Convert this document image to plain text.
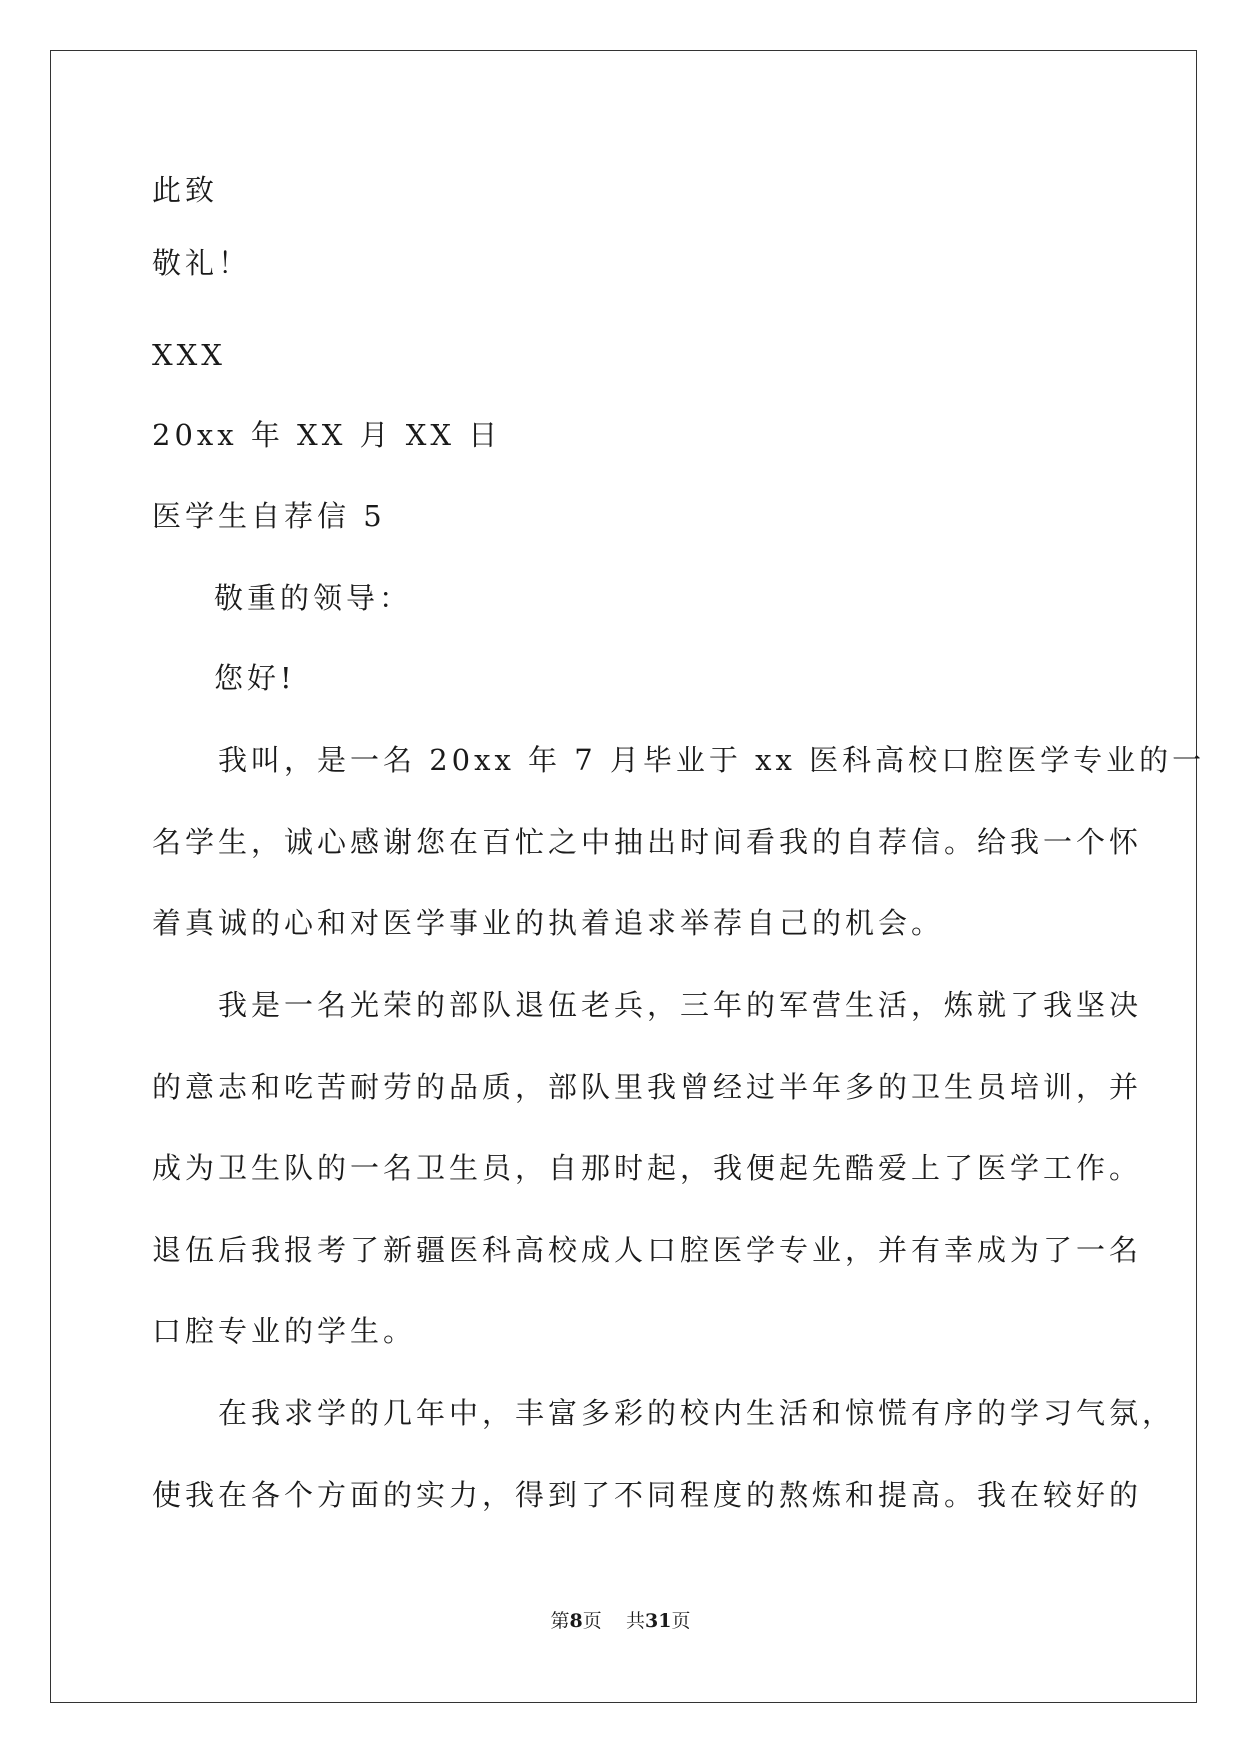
此致
敬礼！
XXX
20xx 年 XX 月 XX 日
医学生自荐信 5
敬重的领导：
您好!
　　我叫，是一名 20xx 年 7 月毕业于 xx 医科高校口腔医学专业的一
名学生，诚心感谢您在百忙之中抽出时间看我的自荐信。给我一个怀
着真诚的心和对医学事业的执着追求举荐自己的机会。
　　我是一名光荣的部队退伍老兵，三年的军营生活，炼就了我坚决
的意志和吃苦耐劳的品质，部队里我曾经过半年多的卫生员培训，并
成为卫生队的一名卫生员，自那时起，我便起先酷爱上了医学工作。
退伍后我报考了新疆医科高校成人口腔医学专业，并有幸成为了一名
口腔专业的学生。
　　在我求学的几年中，丰富多彩的校内生活和惊慌有序的学习气氛，
使我在各个方面的实力，得到了不同程度的熬炼和提高。我在较好的
第8页 共31页
